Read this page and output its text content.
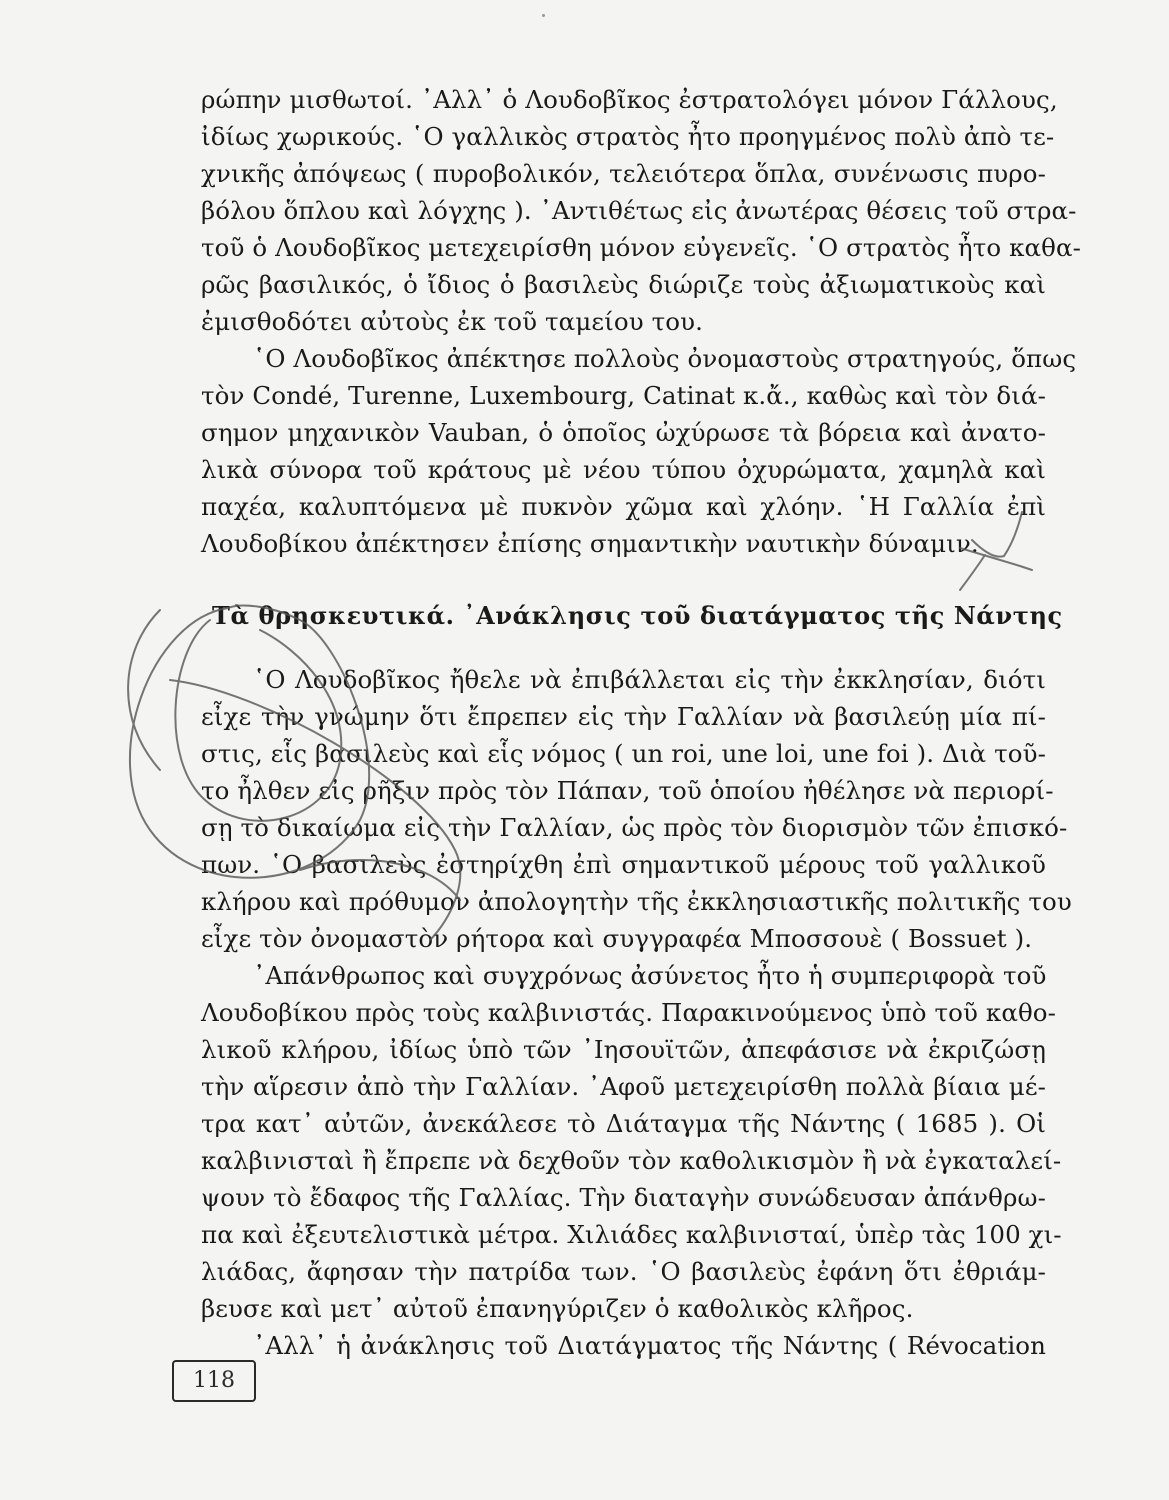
ρώπην μισθωτοί. ᾿Αλλ᾿ ὁ Λουδοβῖκος ἐστρατολόγει μόνον Γάλλους,
ἰδίως χωρικούς. ῾Ο γαλλικὸς στρατὸς ἦτο προηγμένος πολὺ ἀπὸ τε-
χνικῆς ἀπόψεως ( πυροβολικόν, τελειότερα ὅπλα, συνένωσις πυρο-
βόλου ὅπλου καὶ λόγχης ). ᾿Αντιθέτως εἰς ἀνωτέρας θέσεις τοῦ στρα-
τοῦ ὁ Λουδοβῖκος μετεχειρίσθη μόνον εὐγενεῖς. ῾Ο στρατὸς ἦτο καθα-
ρῶς βασιλικός, ὁ ἴδιος ὁ βασιλεὺς διώριζε τοὺς ἀξιωματικοὺς καὶ
ἐμισθοδότει αὐτοὺς ἐκ τοῦ ταμείου του.
῾Ο Λουδοβῖκος ἀπέκτησε πολλοὺς ὀνομαστοὺς στρατηγούς, ὅπως
τὸν Condé, Turenne, Luxembourg, Catinat κ.ἄ., καθὼς καὶ τὸν διά-
σημον μηχανικὸν Vauban, ὁ ὁποῖος ὠχύρωσε τὰ βόρεια καὶ ἀνατο-
λικὰ σύνορα τοῦ κράτους μὲ νέου τύπου ὀχυρώματα, χαμηλὰ καὶ
παχέα, καλυπτόμενα μὲ πυκνὸν χῶμα καὶ χλόην. ῾Η Γαλλία ἐπὶ
Λουδοβίκου ἀπέκτησεν ἐπίσης σημαντικὴν ναυτικὴν δύναμιν.
Τὰ θρησκευτικά. ᾿Ανάκλησις τοῦ διατάγματος τῆς Νάντης
῾Ο Λουδοβῖκος ἤθελε νὰ ἐπιβάλλεται εἰς τὴν ἐκκλησίαν, διότι
εἶχε τὴν γνώμην ὅτι ἔπρεπεν εἰς τὴν Γαλλίαν νὰ βασιλεύῃ μία πί-
στις, εἷς βασιλεὺς καὶ εἷς νόμος ( un roi, une loi, une foi ). Διὰ τοῦ-
το ἦλθεν εἰς ρῆξιν πρὸς τὸν Πάπαν, τοῦ ὁποίου ἠθέλησε νὰ περιορί-
σῃ τὸ δικαίωμα εἰς τὴν Γαλλίαν, ὡς πρὸς τὸν διορισμὸν τῶν ἐπισκό-
πων. ῾Ο βασιλεὺς ἐστηρίχθη ἐπὶ σημαντικοῦ μέρους τοῦ γαλλικοῦ
κλήρου καὶ πρόθυμον ἀπολογητὴν τῆς ἐκκλησιαστικῆς πολιτικῆς του
εἶχε τὸν ὀνομαστὸν ρήτορα καὶ συγγραφέα Μποσσουὲ ( Bossuet ).
᾿Απάνθρωπος καὶ συγχρόνως ἀσύνετος ἦτο ἡ συμπεριφορὰ τοῦ
Λουδοβίκου πρὸς τοὺς καλβινιστάς. Παρακινούμενος ὑπὸ τοῦ καθο-
λικοῦ κλήρου, ἰδίως ὑπὸ τῶν ᾿Ιησουϊτῶν, ἀπεφάσισε νὰ ἐκριζώσῃ
τὴν αἵρεσιν ἀπὸ τὴν Γαλλίαν. ᾿Αφοῦ μετεχειρίσθη πολλὰ βίαια μέ-
τρα κατ᾿ αὐτῶν, ἀνεκάλεσε τὸ Διάταγμα τῆς Νάντης ( 1685 ). Οἱ
καλβινισταὶ ἢ ἔπρεπε νὰ δεχθοῦν τὸν καθολικισμὸν ἢ νὰ ἐγκαταλεί-
ψουν τὸ ἔδαφος τῆς Γαλλίας. Τὴν διαταγὴν συνώδευσαν ἀπάνθρω-
πα καὶ ἐξευτελιστικὰ μέτρα. Χιλιάδες καλβινισταί, ὑπὲρ τὰς 100 χι-
λιάδας, ἄφησαν τὴν πατρίδα των. ῾Ο βασιλεὺς ἐφάνη ὅτι ἐθριάμ-
βευσε καὶ μετ᾿ αὐτοῦ ἐπανηγύριζεν ὁ καθολικὸς κλῆρος.
᾿Αλλ᾿ ἡ ἀνάκλησις τοῦ Διατάγματος τῆς Νάντης ( Révocation
118
